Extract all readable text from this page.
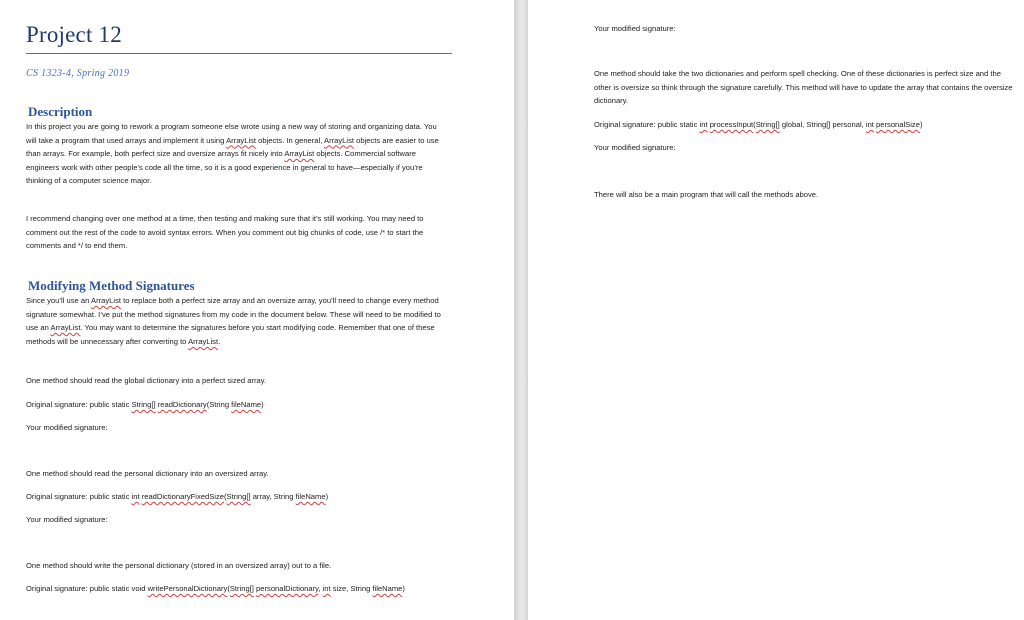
Project 12
CS 1323-4, Spring 2019
Description

In this project you are going to rework a program someone else wrote using a new way of storing and organizing data. You will take a program that used arrays and implement it using ArrayList objects. In general, ArrayList objects are easier to use than arrays. For example, both perfect size and oversize arrays fit nicely into ArrayList objects. Commercial software engineers work with other people’s code all the time, so it is a good experience in general to have—especially if you’re thinking of a computer science major.

I recommend changing over one method at a time, then testing and making sure that it’s still working. You may need to comment out the rest of the code to avoid syntax errors. When you comment out big chunks of code, use /* to start the comments and */ to end them.

Modifying Method Signatures

Since you’ll use an ArrayList to replace both a perfect size array and an oversize array, you’ll need to change every method signature somewhat. I’ve put the method signatures from my code in the document below. These will need to be modified to use an ArrayList. You may want to determine the signatures before you start modifying code. Remember that one of these methods will be unnecessary after converting to ArrayList.

One method should read the global dictionary into a perfect sized array.

Original signature: public static String[] readDictionary(String fileName)

Your modified signature:

One method should read the personal dictionary into an oversized array.

Original signature: public static int readDictionaryFixedSize(String[] array, String fileName)

Your modified signature:

One method should write the personal dictionary (stored in an oversized array) out to a file.

Original signature: public static void writePersonalDictionary(String[] personalDictionary, int size, String fileName)

Your modified signature:

One method should take the two dictionaries and perform spell checking. One of these dictionaries is perfect size and the other is oversize so think through the signature carefully. This method will have to update the array that contains the oversize dictionary.

Original signature: public static int processInput(String[] global, String[] personal, int personalSize)

Your modified signature:

There will also be a main program that will call the methods above.
